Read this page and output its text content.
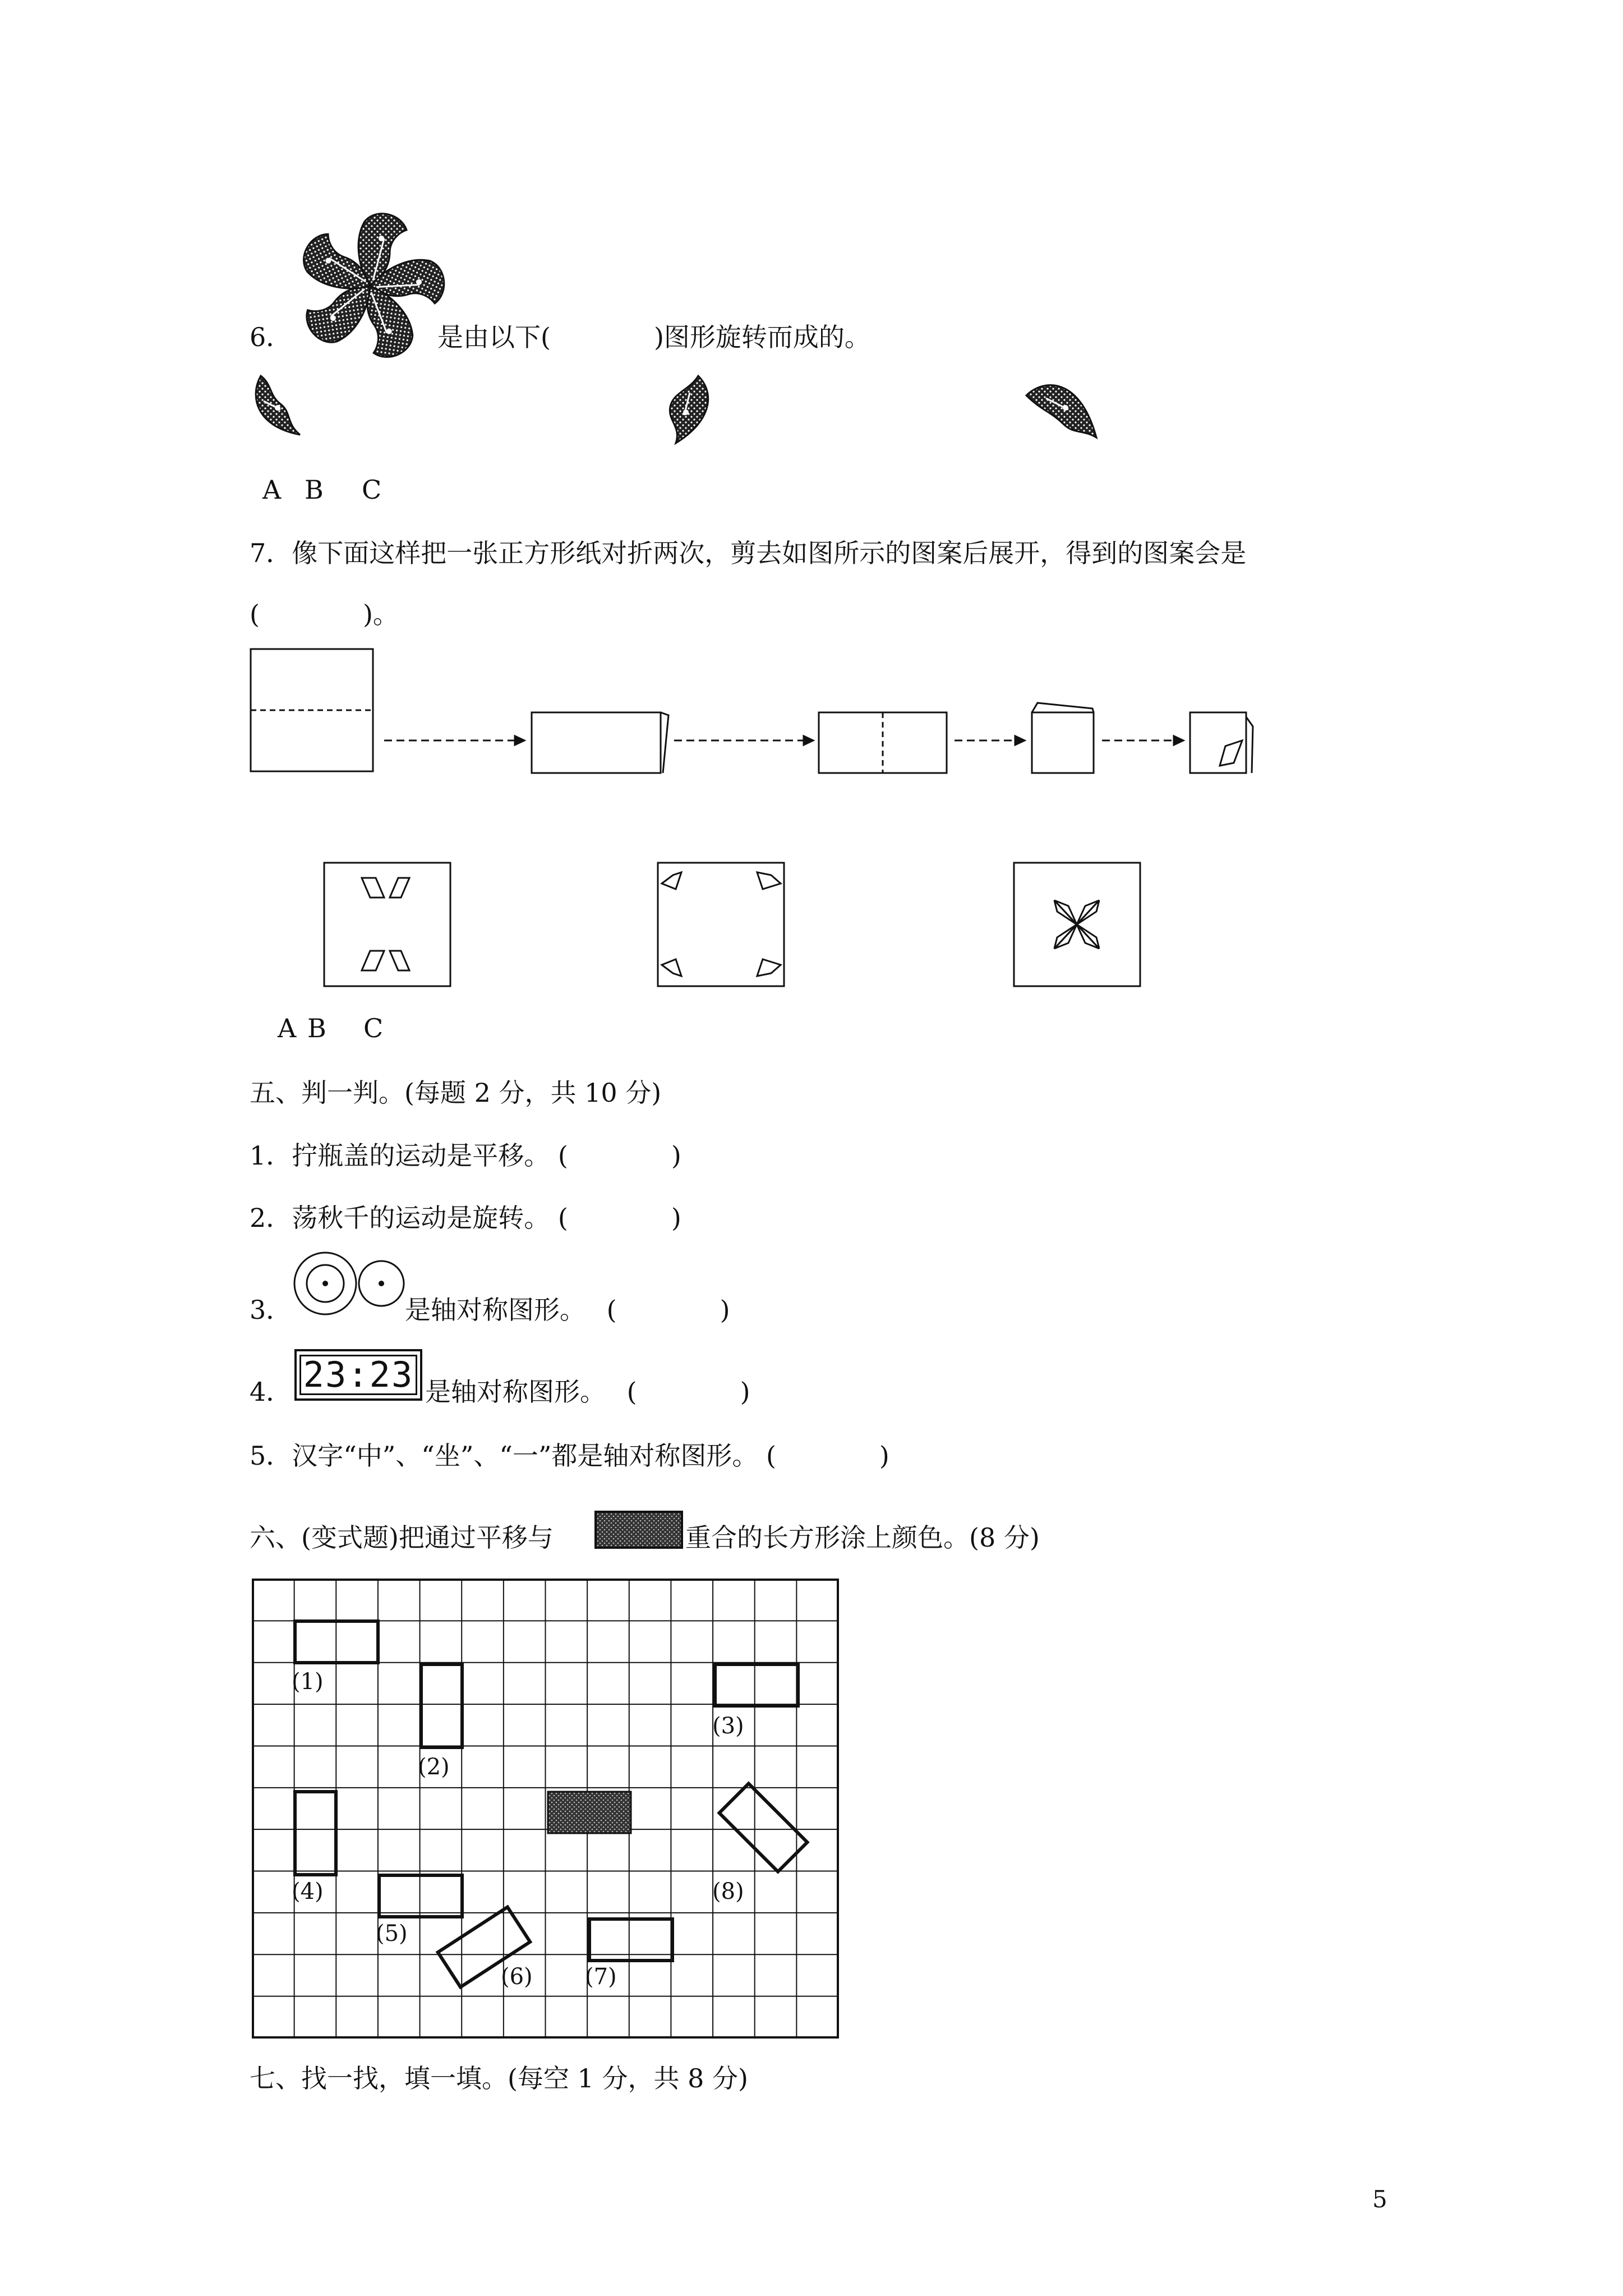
6．	是由以下(　　　　)图形旋转而成的。
A B C
7．像下面这样把一张正方形纸对折两次，剪去如图所示的图案后展开，得到的图案会是
(　　　　)。
A B C
五、判一判。(每题 2 分，共 10 分)
1．拧瓶盖的运动是平移。 (　　　　)
2．荡秋千的运动是旋转。 (　　　　)
3．	是轴对称图形。　 (　　　　)
4． 23:23 是轴对称图形。　 (　　　　)
5．汉字“中”、“坐”、“一”都是轴对称图形。 (　　　　)
六、(变式题)把通过平移与	重合的长方形涂上颜色。(8 分)
(1)
(2)
(3)
(4)
(5)
(6) (7)
(8)
七、找一找，填一填。(每空 1 分，共 8 分)
5
